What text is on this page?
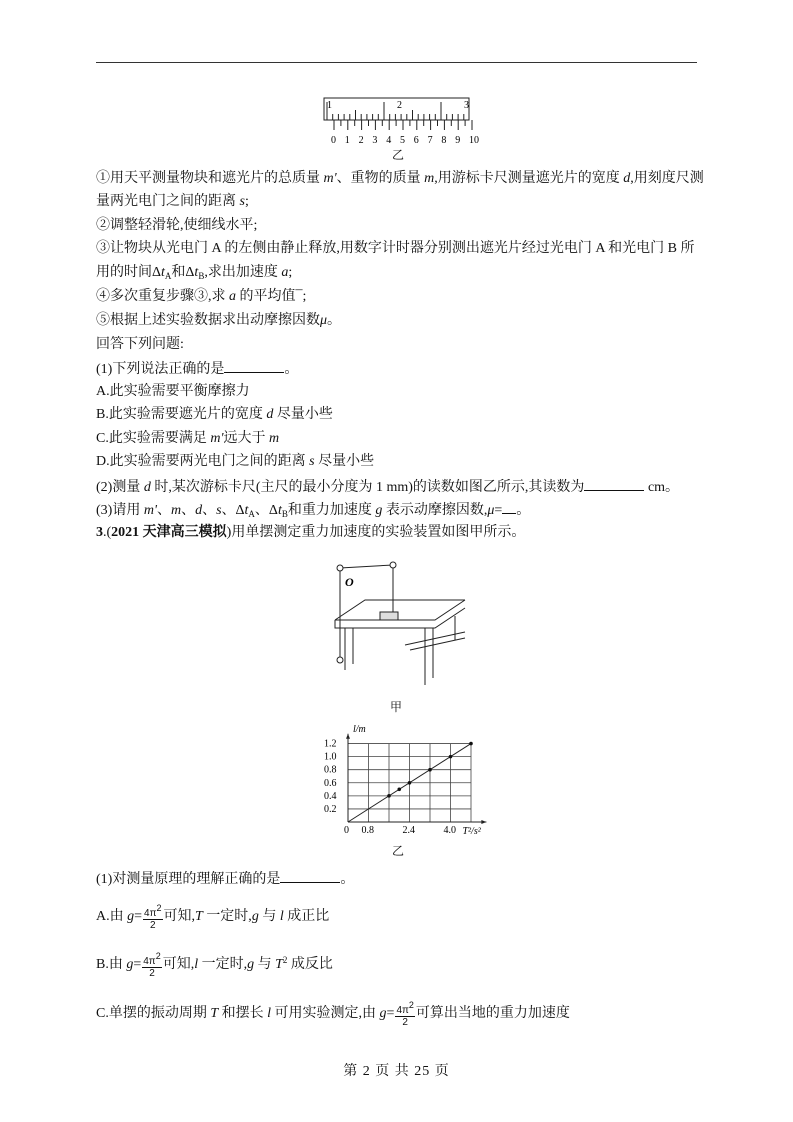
1	2	3
0 1 2 3 4 5 6 7 8 9 10
乙
①用天平测量物块和遮光片的总质量 m'、重物的质量 m,用游标卡尺测量遮光片的宽度 d,用刻度尺测
量两光电门之间的距离 s;
②调整轻滑轮,使细线水平;
③让物块从光电门 A 的左侧由静止释放,用数字计时器分别测出遮光片经过光电门 A 和光电门 B 所
用的时间$\Delta t_A$和$\Delta t_B$,求出加速度 a;
④多次重复步骤③,求 a 的平均值¯;
⑤根据上述实验数据求出动摩擦因数μ。
回答下列问题:
(1)下列说法正确的是	。
A.此实验需要平衡摩擦力
B.此实验需要遮光片的宽度 d 尽量小些
C.此实验需要满足 m'远大于 m
D.此实验需要两光电门之间的距离 s 尽量小些
(2)测量 d 时,某次游标卡尺(主尺的最小分度为 1 mm)的读数如图乙所示,其读数为	cm。
(3)请用 m'、m、d、s、$\Delta t_A$、$\Delta t_B$和重力加速度 g 表示动摩擦因数,μ= 。
3.(2021 天津高三模拟)用单摆测定重力加速度的实验装置如图甲所示。
O
甲
0 0.8	2.4	4.0
0.2
0.4
0.6
0.8
1.0
1.2
l/m
T²/s²
乙
(1)对测量原理的理解正确的是	。
A.由 $g= \frac{4\pi^2}{2}$ 可知,T 一定时,g 与 l 成正比
B.由 $g= \frac{4\pi^2}{2}$ 可知,l 一定时,g 与 $T^2$ 成反比
C.单摆的振动周期 T 和摆长 l 可用实验测定,由 $g= \frac{4\pi^2}{2}$ 可算出当地的重力加速度
第 2 页 共 25 页
